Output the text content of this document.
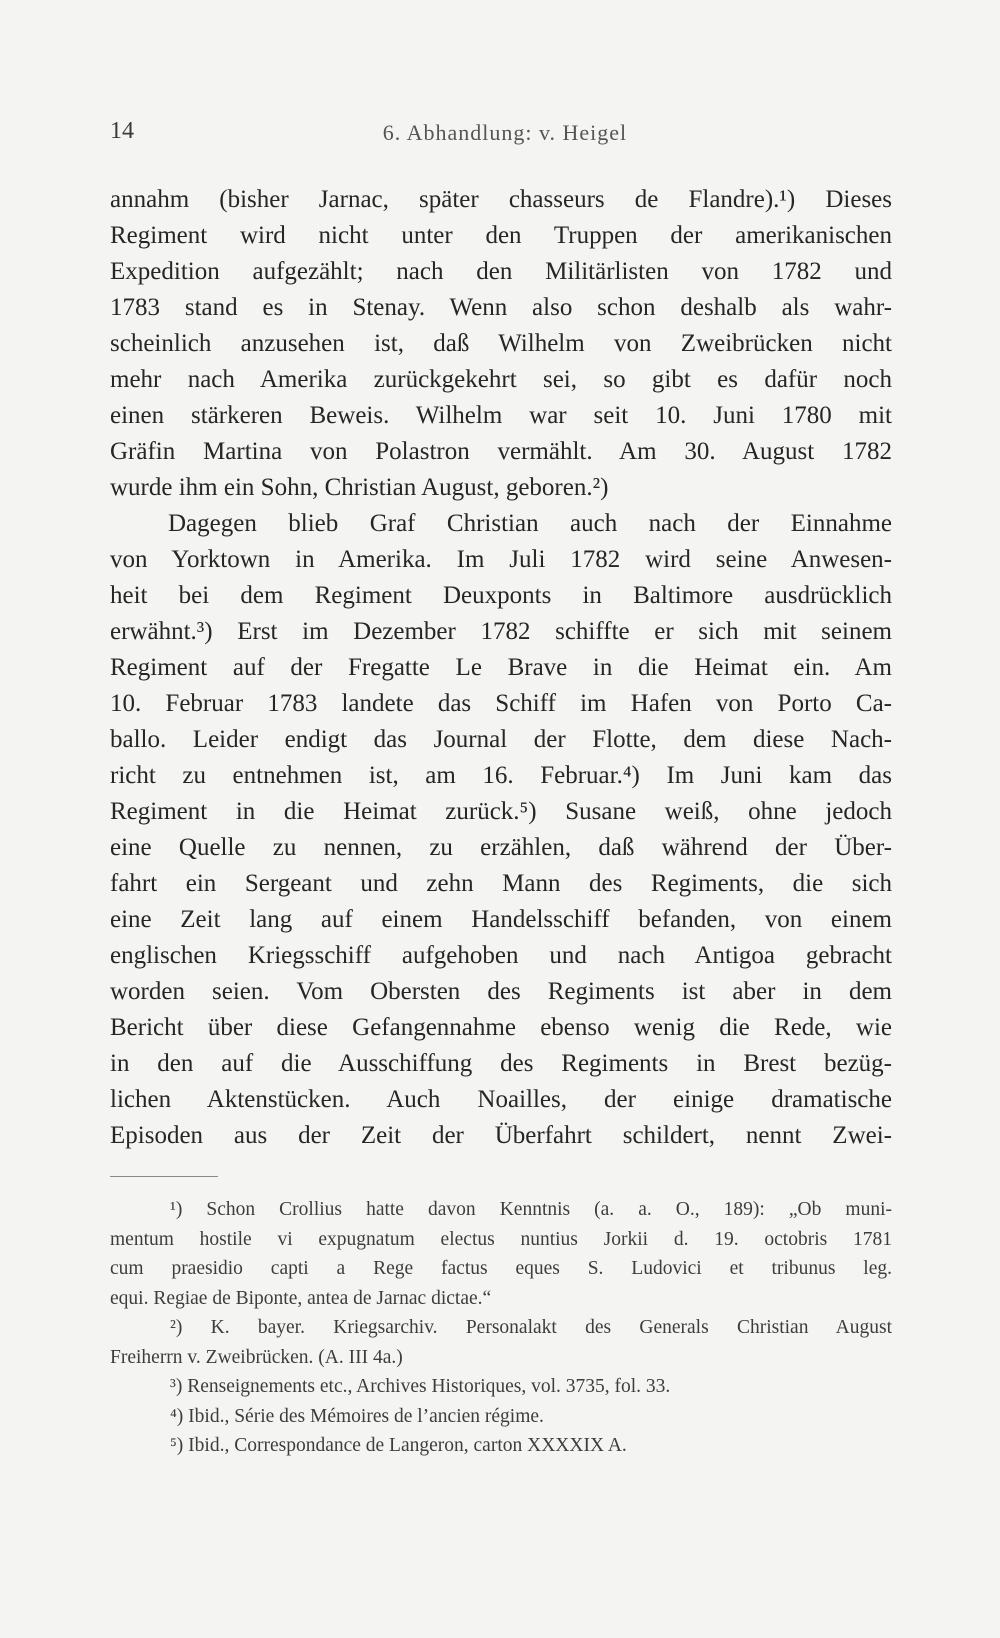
14	6. Abhandlung: v. Heigel
annahm (bisher Jarnac, später chasseurs de Flandre).¹) Dieses
Regiment wird nicht unter den Truppen der amerikanischen
Expedition aufgezählt; nach den Militärlisten von 1782 und
1783 stand es in Stenay. Wenn also schon deshalb als wahr-
scheinlich anzusehen ist, daß Wilhelm von Zweibrücken nicht
mehr nach Amerika zurückgekehrt sei, so gibt es dafür noch
einen stärkeren Beweis. Wilhelm war seit 10. Juni 1780 mit
Gräfin Martina von Polastron vermählt. Am 30. August 1782
wurde ihm ein Sohn, Christian August, geboren.²)
Dagegen blieb Graf Christian auch nach der Einnahme
von Yorktown in Amerika. Im Juli 1782 wird seine Anwesen-
heit bei dem Regiment Deuxponts in Baltimore ausdrücklich
erwähnt.³) Erst im Dezember 1782 schiffte er sich mit seinem
Regiment auf der Fregatte Le Brave in die Heimat ein. Am
10. Februar 1783 landete das Schiff im Hafen von Porto Ca-
ballo. Leider endigt das Journal der Flotte, dem diese Nach-
richt zu entnehmen ist, am 16. Februar.⁴) Im Juni kam das
Regiment in die Heimat zurück.⁵) Susane weiß, ohne jedoch
eine Quelle zu nennen, zu erzählen, daß während der Über-
fahrt ein Sergeant und zehn Mann des Regiments, die sich
eine Zeit lang auf einem Handelsschiff befanden, von einem
englischen Kriegsschiff aufgehoben und nach Antigoa gebracht
worden seien. Vom Obersten des Regiments ist aber in dem
Bericht über diese Gefangennahme ebenso wenig die Rede, wie
in den auf die Ausschiffung des Regiments in Brest bezüg-
lichen Aktenstücken. Auch Noailles, der einige dramatische
Episoden aus der Zeit der Überfahrt schildert, nennt Zwei-
¹) Schon Crollius hatte davon Kenntnis (a. a. O., 189): „Ob muni-
mentum hostile vi expugnatum electus nuntius Jorkii d. 19. octobris 1781
cum praesidio capti a Rege factus eques S. Ludovici et tribunus leg.
equi. Regiae de Biponte, antea de Jarnac dictae.“
²) K. bayer. Kriegsarchiv. Personalakt des Generals Christian August
Freiherrn v. Zweibrücken. (A. III 4a.)
³) Renseignements etc., Archives Historiques, vol. 3735, fol. 33.
⁴) Ibid., Série des Mémoires de l’ancien régime.
⁵) Ibid., Correspondance de Langeron, carton XXXXIX A.
